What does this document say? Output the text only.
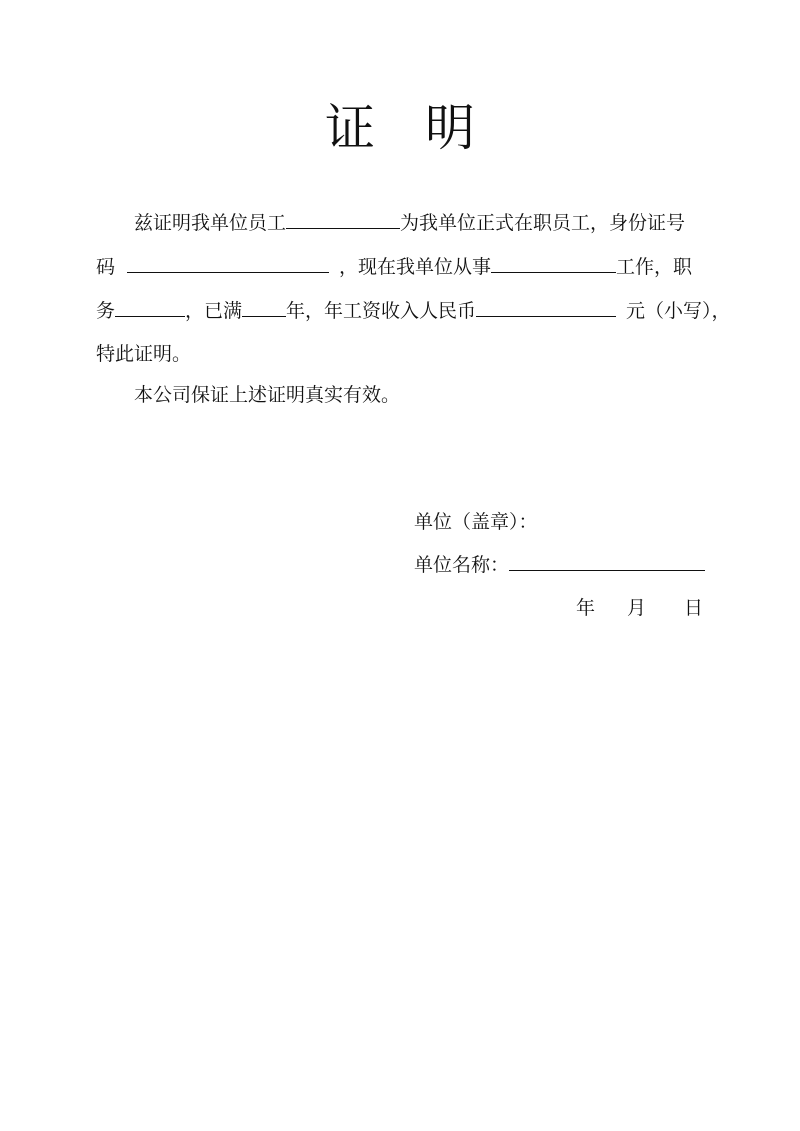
证 明
兹证明我单位员工	为我单位正式在职员工，身份证号
码	，现在我单位从事	工作，职
务	，已满 年，年工资收入人民币	元（小写），
特此证明。
本公司保证上述证明真实有效。
单位（盖章）：
单位名称：
年 月 日
